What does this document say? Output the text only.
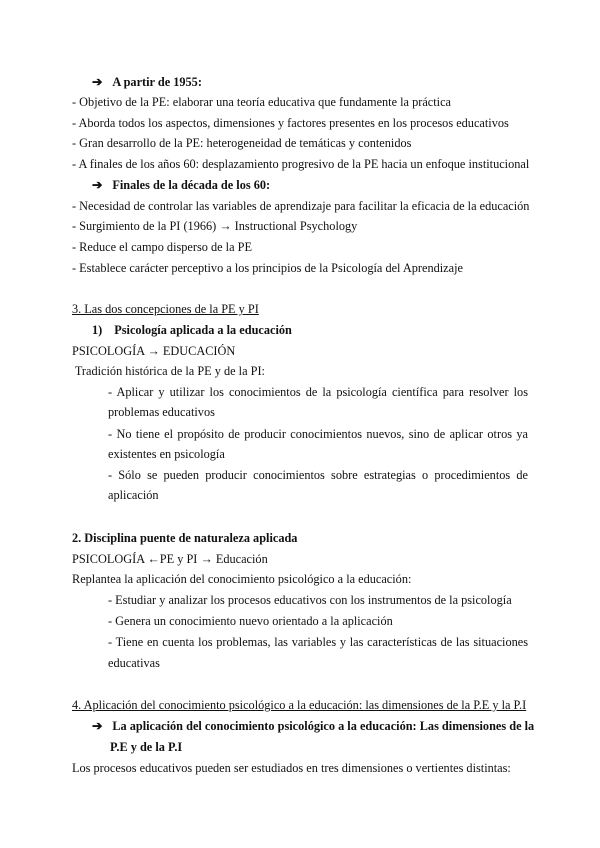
➔ A partir de 1955:
- Objetivo de la PE: elaborar una teoría educativa que fundamente la práctica
- Aborda todos los aspectos, dimensiones y factores presentes en los procesos educativos
- Gran desarrollo de la PE: heterogeneidad de temáticas y contenidos
- A finales de los años 60: desplazamiento progresivo de la PE hacia un enfoque institucional
➔ Finales de la década de los 60:
- Necesidad de controlar las variables de aprendizaje para facilitar la eficacia de la educación
- Surgimiento de la PI (1966) → Instructional Psychology
- Reduce el campo disperso de la PE
- Establece carácter perceptivo a los principios de la Psicología del Aprendizaje
3. Las dos concepciones de la PE y PI
1) Psicología aplicada a la educación
PSICOLOGÍA → EDUCACIÓN
Tradición histórica de la PE y de la PI:
- Aplicar y utilizar los conocimientos de la psicología científica para resolver los
problemas educativos
- No tiene el propósito de producir conocimientos nuevos, sino de aplicar otros ya
existentes en psicología
- Sólo se pueden producir conocimientos sobre estrategias o procedimientos de
aplicación
2. Disciplina puente de naturaleza aplicada
PSICOLOGÍA ←PE y PI → Educación
Replantea la aplicación del conocimiento psicológico a la educación:
- Estudiar y analizar los procesos educativos con los instrumentos de la psicología
- Genera un conocimiento nuevo orientado a la aplicación
- Tiene en cuenta los problemas, las variables y las características de las situaciones
educativas
4. Aplicación del conocimiento psicológico a la educación: las dimensiones de la P.E y la P.I
➔ La aplicación del conocimiento psicológico a la educación: Las dimensiones de la
P.E y de la P.I
Los procesos educativos pueden ser estudiados en tres dimensiones o vertientes distintas:
